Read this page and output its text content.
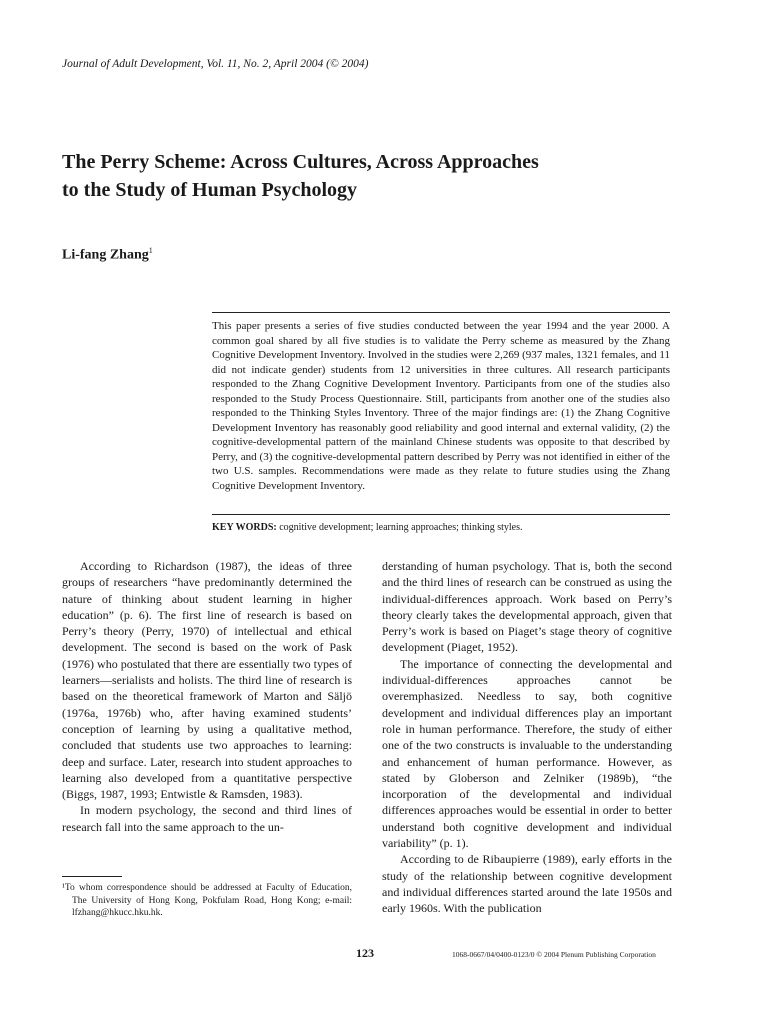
Journal of Adult Development, Vol. 11, No. 2, April 2004 (© 2004)
The Perry Scheme: Across Cultures, Across Approaches
to the Study of Human Psychology
Li-fang Zhang$^1$

This paper presents a series of five studies conducted between the year 1994 and the year 2000. A common goal shared by all five studies is to validate the Perry scheme as measured by the Zhang Cognitive Development Inventory. Involved in the studies were 2,269 (937 males, 1321 females, and 11 did not indicate gender) students from 12 universities in three cultures. All research participants responded to the Zhang Cognitive Development Inventory. Participants from one of the studies also responded to the Study Process Questionnaire. Still, participants from another one of the studies also responded to the Thinking Styles Inventory. Three of the major findings are: (1) the Zhang Cognitive Development Inventory has reasonably good reliability and good internal and external validity, (2) the cognitive-developmental pattern of the mainland Chinese students was opposite to that described by Perry, and (3) the cognitive-developmental pattern described by Perry was not identified in either of the two U.S. samples. Recommendations were made as they relate to future studies using the Zhang Cognitive Development Inventory.

KEY WORDS: cognitive development; learning approaches; thinking styles.

According to Richardson (1987), the ideas of three groups of researchers “have predominantly determined the nature of thinking about student learning in higher education” (p. 6). The first line of research is based on Perry’s theory (Perry, 1970) of intellectual and ethical development. The second is based on the work of Pask (1976) who postulated that there are essentially two types of learners—serialists and holists. The third line of research is based on the theoretical framework of Marton and Säljö (1976a, 1976b) who, after having examined students’ conception of learning by using a qualitative method, concluded that students use two approaches to learning: deep and surface. Later, research into student approaches to learning also developed from a quantitative perspective (Biggs, 1987, 1993; Entwistle & Ramsden, 1983).

In modern psychology, the second and third lines of research fall into the same approach to the un-

derstanding of human psychology. That is, both the second and the third lines of research can be construed as using the individual-differences approach. Work based on Perry’s theory clearly takes the developmental approach, given that Perry’s work is based on Piaget’s stage theory of cognitive development (Piaget, 1952).

The importance of connecting the developmental and individual-differences approaches cannot be overemphasized. Needless to say, both cognitive development and individual differences play an important role in human performance. Therefore, the study of either one of the two constructs is invaluable to the understanding and enhancement of human performance. However, as stated by Globerson and Zelniker (1989b), “the incorporation of the developmental and individual differences approaches would be essential in order to better understand both cognitive development and individual variability” (p. 1).

According to de Ribaupierre (1989), early efforts in the study of the relationship between cognitive development and individual differences started around the late 1950s and early 1960s. With the publication

¹To whom correspondence should be addressed at Faculty of Education, The University of Hong Kong, Pokfulam Road, Hong Kong; e-mail: lfzhang@hkucc.hku.hk.

123	1068-0667/04/0400-0123/0 © 2004 Plenum Publishing Corporation
